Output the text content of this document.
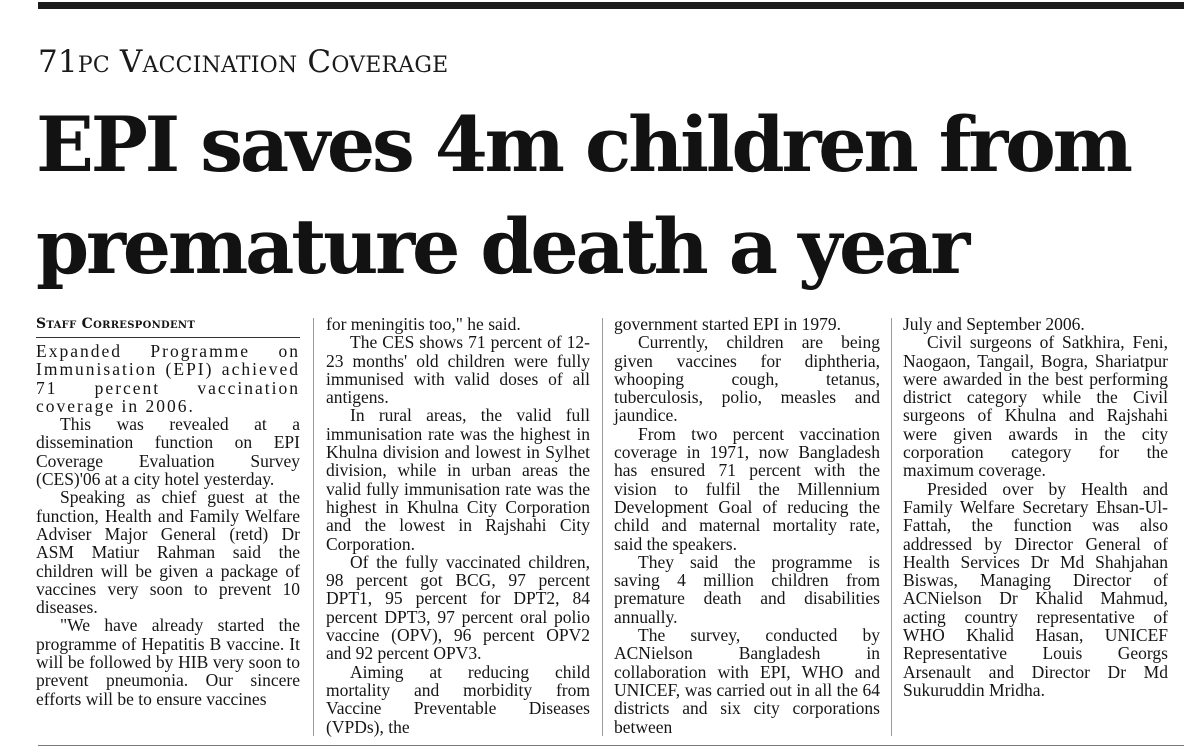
71pc Vaccination Coverage
EPI saves 4m children from
premature death a year
Staff Correspondent

Expanded Programme on Immunisation (EPI) achieved 71 percent vaccination coverage in 2006.

This was revealed at a dissemination function on EPI Coverage Evaluation Survey (CES)'06 at a city hotel yesterday.

Speaking as chief guest at the function, Health and Family Welfare Adviser Major General (retd) Dr ASM Matiur Rahman said the children will be given a package of vaccines very soon to prevent 10 diseases.

"We have already started the programme of Hepatitis B vaccine. It will be followed by HIB very soon to prevent pneumonia. Our sincere efforts will be to ensure vaccines

for meningitis too," he said.

The CES shows 71 percent of 12-23 months' old children were fully immunised with valid doses of all antigens.

In rural areas, the valid full immunisation rate was the highest in Khulna division and lowest in Sylhet division, while in urban areas the valid fully immunisation rate was the highest in Khulna City Corporation and the lowest in Rajshahi City Corporation.

Of the fully vaccinated children, 98 percent got BCG, 97 percent DPT1, 95 percent for DPT2, 84 percent DPT3, 97 percent oral polio vaccine (OPV), 96 percent OPV2 and 92 percent OPV3.

Aiming at reducing child mortality and morbidity from Vaccine Preventable Diseases (VPDs), the

government started EPI in 1979.

Currently, children are being given vaccines for diphtheria, whooping cough, tetanus, tuberculosis, polio, measles and jaundice.

From two percent vaccination coverage in 1971, now Bangladesh has ensured 71 percent with the vision to fulfil the Millennium Development Goal of reducing the child and maternal mortality rate, said the speakers.

They said the programme is saving 4 million children from premature death and disabilities annually.

The survey, conducted by ACNielson Bangladesh in collaboration with EPI, WHO and UNICEF, was carried out in all the 64 districts and six city corporations between

July and September 2006.

Civil surgeons of Satkhira, Feni, Naogaon, Tangail, Bogra, Shariatpur were awarded in the best performing district category while the Civil surgeons of Khulna and Rajshahi were given awards in the city corporation category for the maximum coverage.

Presided over by Health and Family Welfare Secretary Ehsan-Ul-Fattah, the function was also addressed by Director General of Health Services Dr Md Shahjahan Biswas, Managing Director of ACNielson Dr Khalid Mahmud, acting country representative of WHO Khalid Hasan, UNICEF Representative Louis Georgs Arsenault and Director Dr Md Sukuruddin Mridha.
